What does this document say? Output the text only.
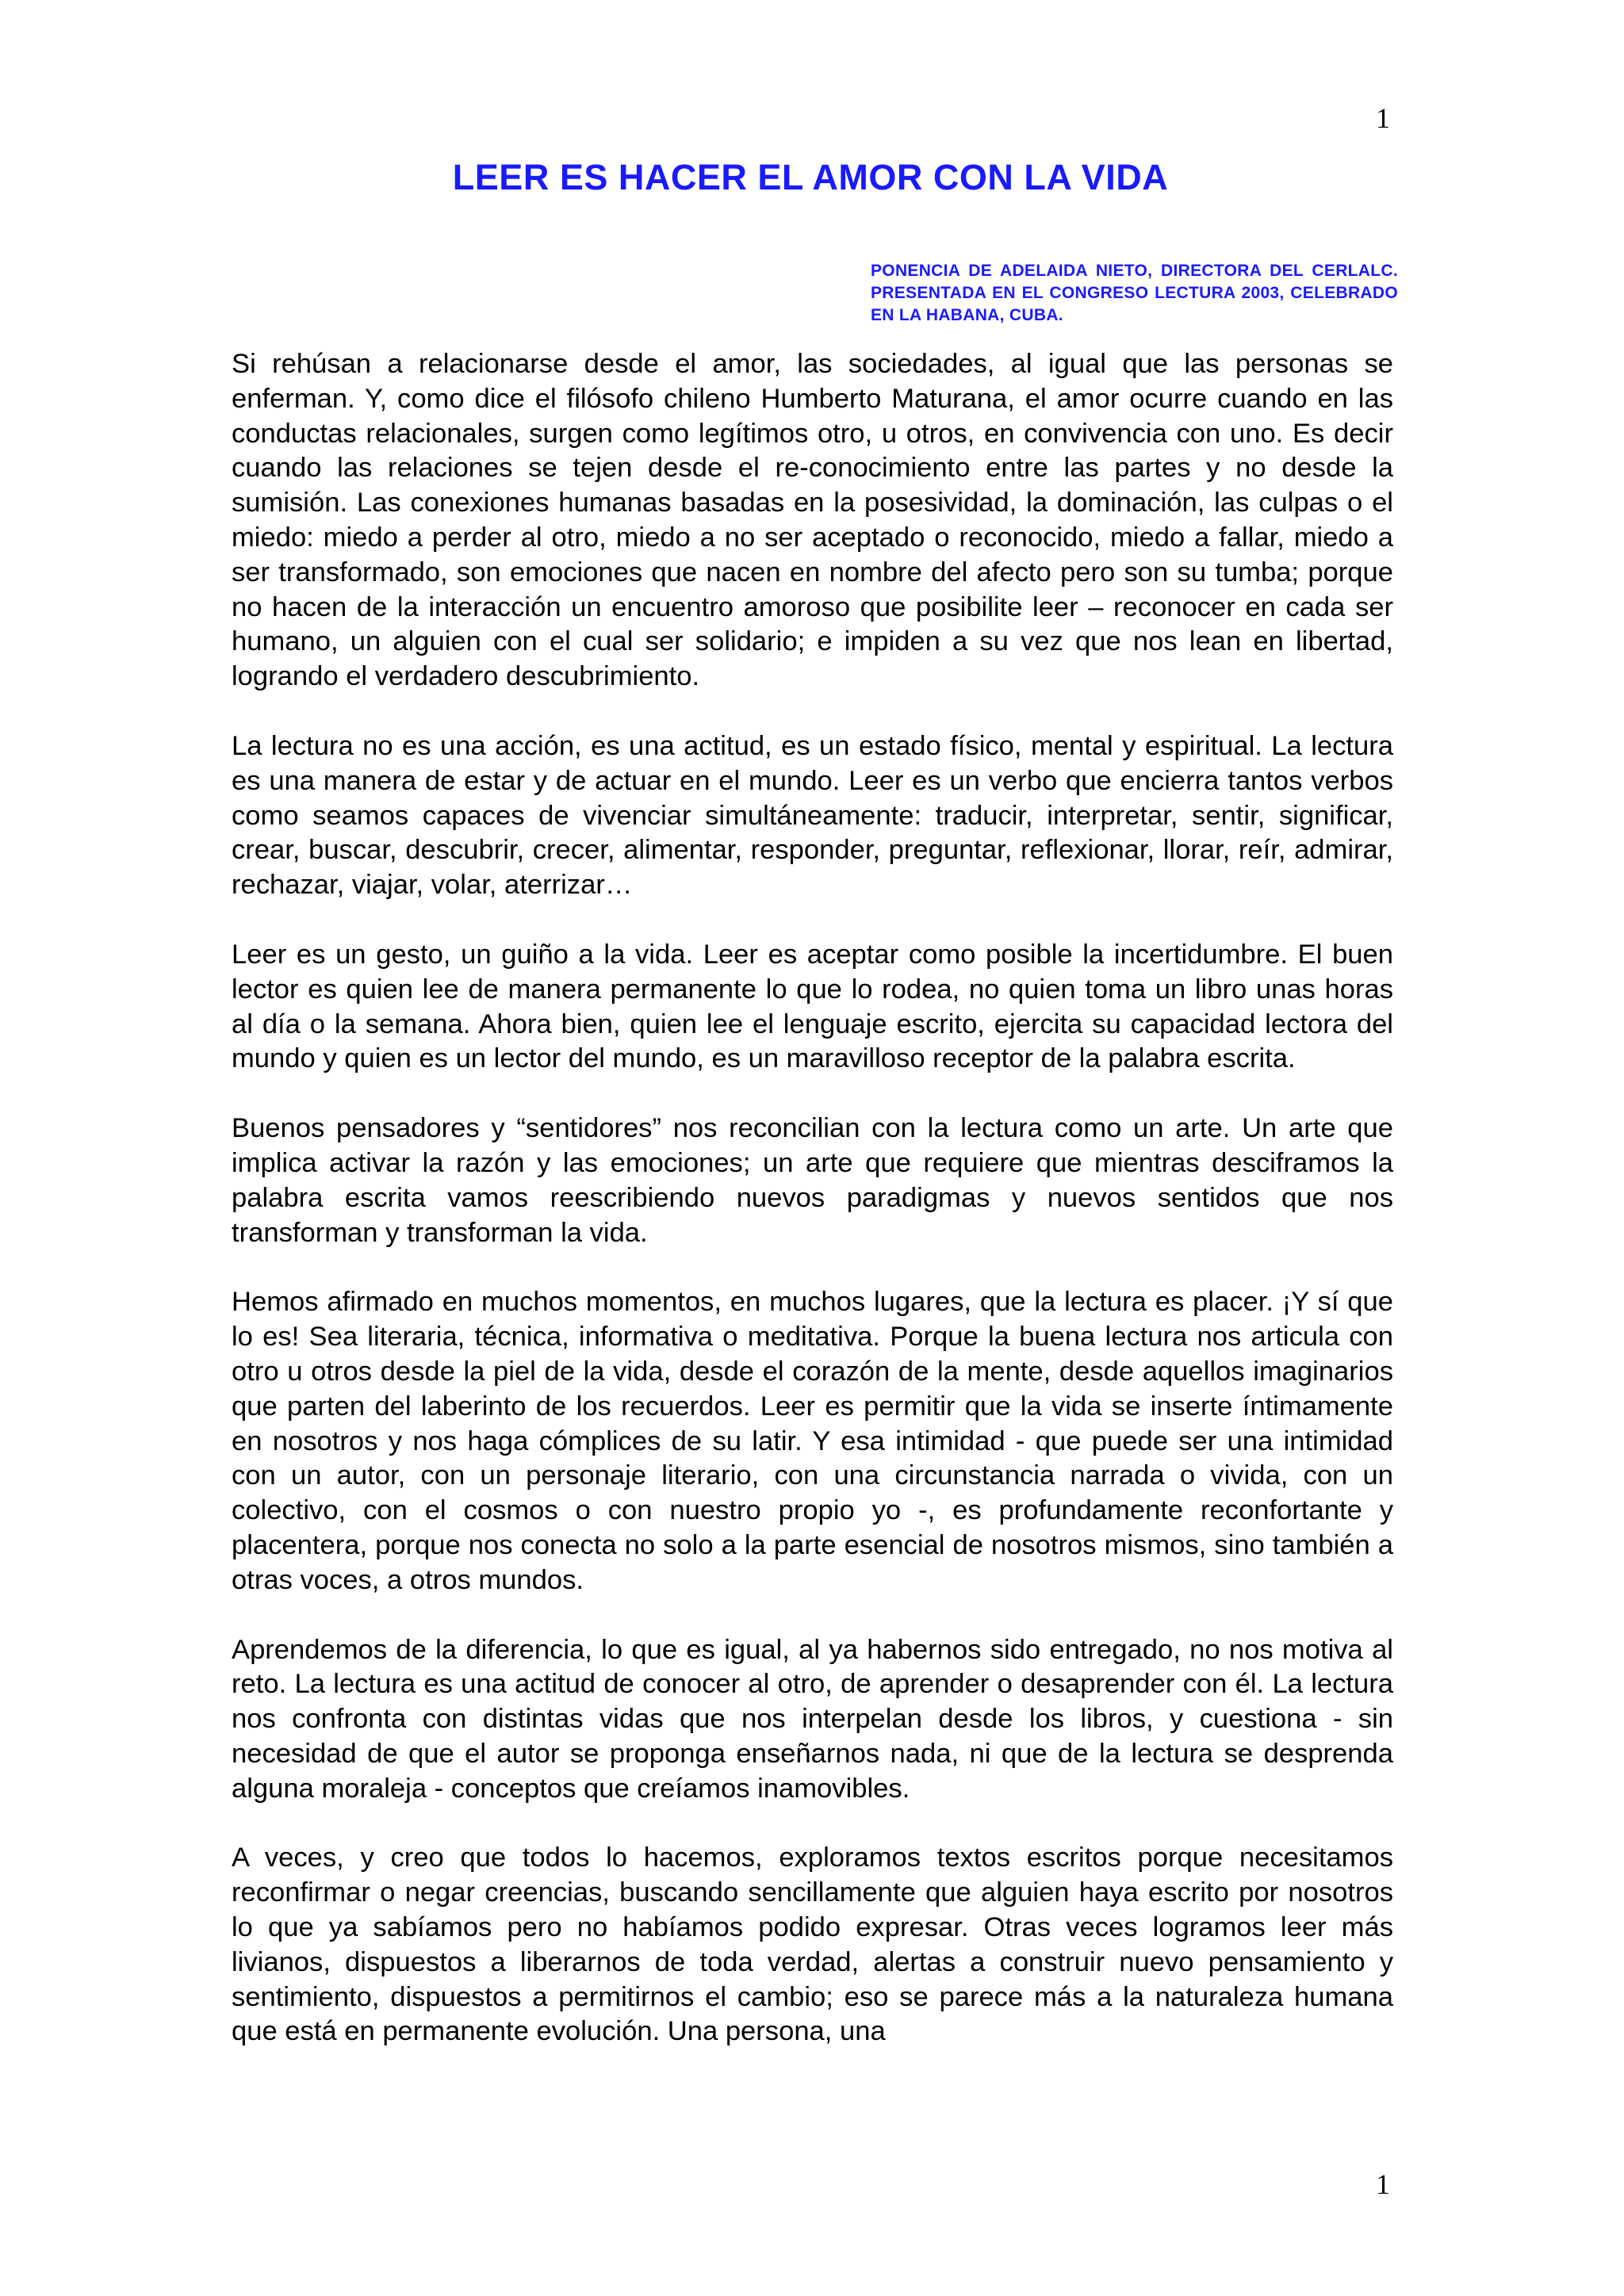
1
LEER ES HACER EL AMOR CON LA VIDA

PONENCIA DE ADELAIDA NIETO, DIRECTORA DEL CERLALC. PRESENTADA EN EL CONGRESO LECTURA 2003, CELEBRADO EN LA HABANA, CUBA.

Si rehúsan a relacionarse desde el amor, las sociedades, al igual que las personas se enferman. Y, como dice el filósofo chileno Humberto Maturana, el amor ocurre cuando en las conductas relacionales, surgen como legítimos otro, u otros, en convivencia con uno. Es decir cuando las relaciones se tejen desde el re-conocimiento entre las partes y no desde la sumisión. Las conexiones humanas basadas en la posesividad, la dominación, las culpas o el miedo: miedo a perder al otro, miedo a no ser aceptado o reconocido, miedo a fallar, miedo a ser transformado, son emociones que nacen en nombre del afecto pero son su tumba; porque no hacen de la interacción un encuentro amoroso que posibilite leer – reconocer en cada ser humano, un alguien con el cual ser solidario; e impiden a su vez que nos lean en libertad, logrando el verdadero descubrimiento.

La lectura no es una acción, es una actitud, es un estado físico, mental y espiritual. La lectura es una manera de estar y de actuar en el mundo. Leer es un verbo que encierra tantos verbos como seamos capaces de vivenciar simultáneamente: traducir, interpretar, sentir, significar, crear, buscar, descubrir, crecer, alimentar, responder, preguntar, reflexionar, llorar, reír, admirar, rechazar, viajar, volar, aterrizar…

Leer es un gesto, un guiño a la vida. Leer es aceptar como posible la incertidumbre. El buen lector es quien lee de manera permanente lo que lo rodea, no quien toma un libro unas horas al día o la semana. Ahora bien, quien lee el lenguaje escrito, ejercita su capacidad lectora del mundo y quien es un lector del mundo, es un maravilloso receptor de la palabra escrita.

Buenos pensadores y “sentidores” nos reconcilian con la lectura como un arte. Un arte que implica activar la razón y las emociones; un arte que requiere que mientras desciframos la palabra escrita vamos reescribiendo nuevos paradigmas y nuevos sentidos que nos transforman y transforman la vida.

Hemos afirmado en muchos momentos, en muchos lugares, que la lectura es placer. ¡Y sí que lo es! Sea literaria, técnica, informativa o meditativa. Porque la buena lectura nos articula con otro u otros desde la piel de la vida, desde el corazón de la mente, desde aquellos imaginarios que parten del laberinto de los recuerdos. Leer es permitir que la vida se inserte íntimamente en nosotros y nos haga cómplices de su latir. Y esa intimidad - que puede ser una intimidad con un autor, con un personaje literario, con una circunstancia narrada o vivida, con un colectivo, con el cosmos o con nuestro propio yo -, es profundamente reconfortante y placentera, porque nos conecta no solo a la parte esencial de nosotros mismos, sino también a otras voces, a otros mundos.

Aprendemos de la diferencia, lo que es igual, al ya habernos sido entregado, no nos motiva al reto. La lectura es una actitud de conocer al otro, de aprender o desaprender con él. La lectura nos confronta con distintas vidas que nos interpelan desde los libros, y cuestiona - sin necesidad de que el autor se proponga enseñarnos nada, ni que de la lectura se desprenda alguna moraleja - conceptos que creíamos inamovibles.

A veces, y creo que todos lo hacemos, exploramos textos escritos porque necesitamos reconfirmar o negar creencias, buscando sencillamente que alguien haya escrito por nosotros lo que ya sabíamos pero no habíamos podido expresar. Otras veces logramos leer más livianos, dispuestos a liberarnos de toda verdad, alertas a construir nuevo pensamiento y sentimiento, dispuestos a permitirnos el cambio; eso se parece más a la naturaleza humana que está en permanente evolución. Una persona, una

1
